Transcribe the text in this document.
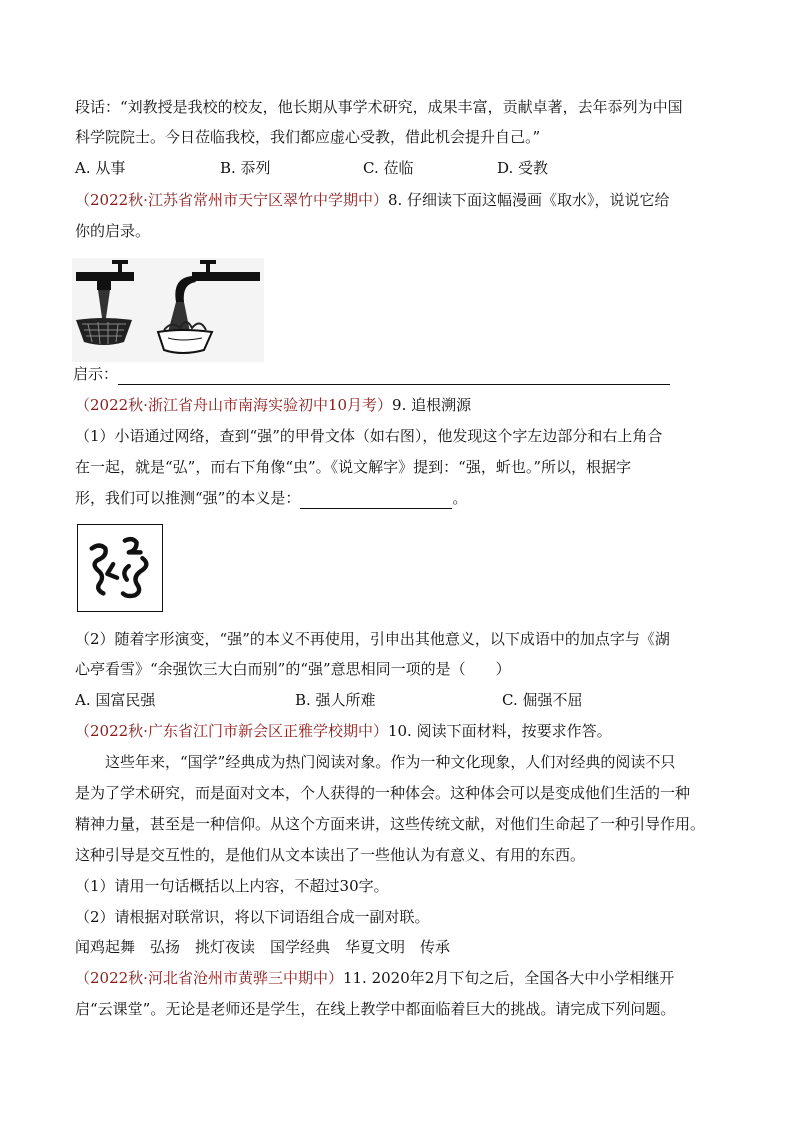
段话：“刘教授是我校的校友，他长期从事学术研究，成果丰富，贡献卓著，去年忝列为中国
科学院院士。今日莅临我校，我们都应虚心受教，借此机会提升自己。”
A. 从事	B. 忝列	C. 莅临	D. 受教
（2022秋·江苏省常州市天宁区翠竹中学期中）8. 仔细读下面这幅漫画《取水》，说说它给
你的启录。
启示：
（2022秋·浙江省舟山市南海实验初中10月考）9. 追根溯源
（1）小语通过网络，查到“强”的甲骨文体（如右图），他发现这个字左边部分和右上角合
在一起，就是“弘”，而右下角像“虫”。《说文解字》提到：“强，蚚也。”所以，根据字
形，我们可以推测“强”的本义是：	。
（2）随着字形演变，“强”的本义不再使用，引申出其他意义，以下成语中的加点字与《湖
心亭看雪》“余强饮三大白而别”的“强”意思相同一项的是（　　）
A. 国富民强	B. 强人所难	C. 倔强不屈
（2022秋·广东省江门市新会区正雅学校期中）10. 阅读下面材料，按要求作答。
　　这些年来，“国学”经典成为热门阅读对象。作为一种文化现象，人们对经典的阅读不只
是为了学术研究，而是面对文本，个人获得的一种体会。这种体会可以是变成他们生活的一种
精神力量，甚至是一种信仰。从这个方面来讲，这些传统文献，对他们生命起了一种引导作用。
这种引导是交互性的，是他们从文本读出了一些他认为有意义、有用的东西。
（1）请用一句话概括以上内容，不超过30字。
（2）请根据对联常识，将以下词语组合成一副对联。
闻鸡起舞　弘扬　挑灯夜读　国学经典　华夏文明　传承
（2022秋·河北省沧州市黄骅三中期中）11. 2020年2月下旬之后，全国各大中小学相继开
启“云课堂”。无论是老师还是学生，在线上教学中都面临着巨大的挑战。请完成下列问题。
